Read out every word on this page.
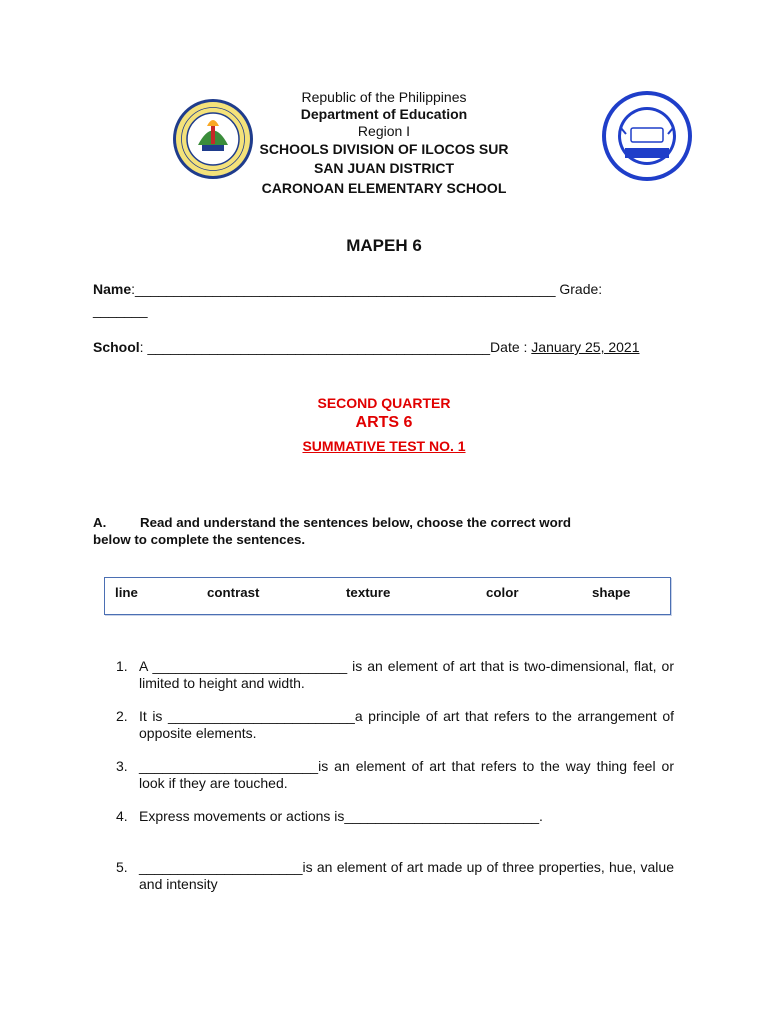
Republic of the Philippines
Department of Education
Region I
SCHOOLS DIVISION OF ILOCOS SUR
SAN JUAN DISTRICT
CARONOAN ELEMENTARY SCHOOL
MAPEH 6
Name:______________________________________________________ Grade:
_______
School: ____________________________________________Date : January 25, 2021
SECOND QUARTER
ARTS 6
SUMMATIVE TEST NO. 1
A.	Read and understand the sentences below, choose the correct word
below to complete the sentences.
line	contrast	texture	color	shape
1. A _________________________ is an element of art that is two-dimensional, flat, or limited to height and width.
2. It is ________________________a principle of art that refers to the arrangement of opposite elements.
3. _______________________is an element of art that refers to the way thing feel or look if they are touched.
4. Express movements or actions is_________________________.
5. _____________________is an element of art made up of three properties, hue, value and intensity
